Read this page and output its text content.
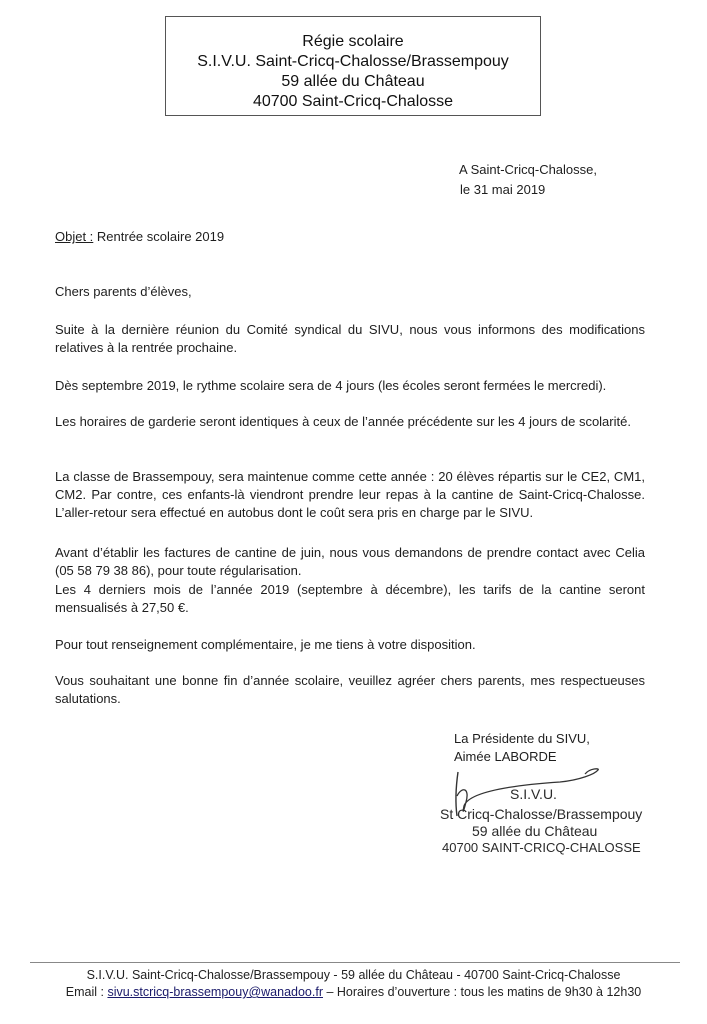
Régie scolaire
S.I.V.U. Saint-Cricq-Chalosse/Brassempouy
59 allée du Château
40700 Saint-Cricq-Chalosse
A Saint-Cricq-Chalosse,
le 31 mai 2019
Objet : Rentrée scolaire 2019
Chers parents d’élèves,
Suite à la dernière réunion du Comité syndical du SIVU, nous vous informons des modifications relatives à la rentrée prochaine.
Dès septembre 2019, le rythme scolaire sera de 4 jours (les écoles seront fermées le mercredi).
Les horaires de garderie seront identiques à ceux de l’année précédente sur les 4 jours de scolarité.
La classe de Brassempouy, sera maintenue comme cette année : 20 élèves répartis sur le CE2, CM1, CM2. Par contre, ces enfants-là viendront prendre leur repas à la cantine de Saint-Cricq-Chalosse. L’aller-retour sera effectué en autobus dont le coût sera pris en charge par le SIVU.
Avant d’établir les factures de cantine de juin, nous vous demandons de prendre contact avec Celia (05 58 79 38 86), pour toute régularisation.
Les 4 derniers mois de l’année 2019 (septembre à décembre), les tarifs de la cantine seront mensualisés à 27,50 €.
Pour tout renseignement complémentaire, je me tiens à votre disposition.
Vous souhaitant une bonne fin d’année scolaire, veuillez agréer chers parents, mes respectueuses salutations.
La Présidente du SIVU,
Aimée LABORDE
S.I.V.U.
St Cricq-Chalosse/Brassempouy
59 allée du Château
40700 SAINT-CRICQ-CHALOSSE
S.I.V.U. Saint-Cricq-Chalosse/Brassempouy - 59 allée du Château - 40700 Saint-Cricq-Chalosse
Email : sivu.stcricq-brassempouy@wanadoo.fr – Horaires d’ouverture : tous les matins de 9h30 à 12h30
